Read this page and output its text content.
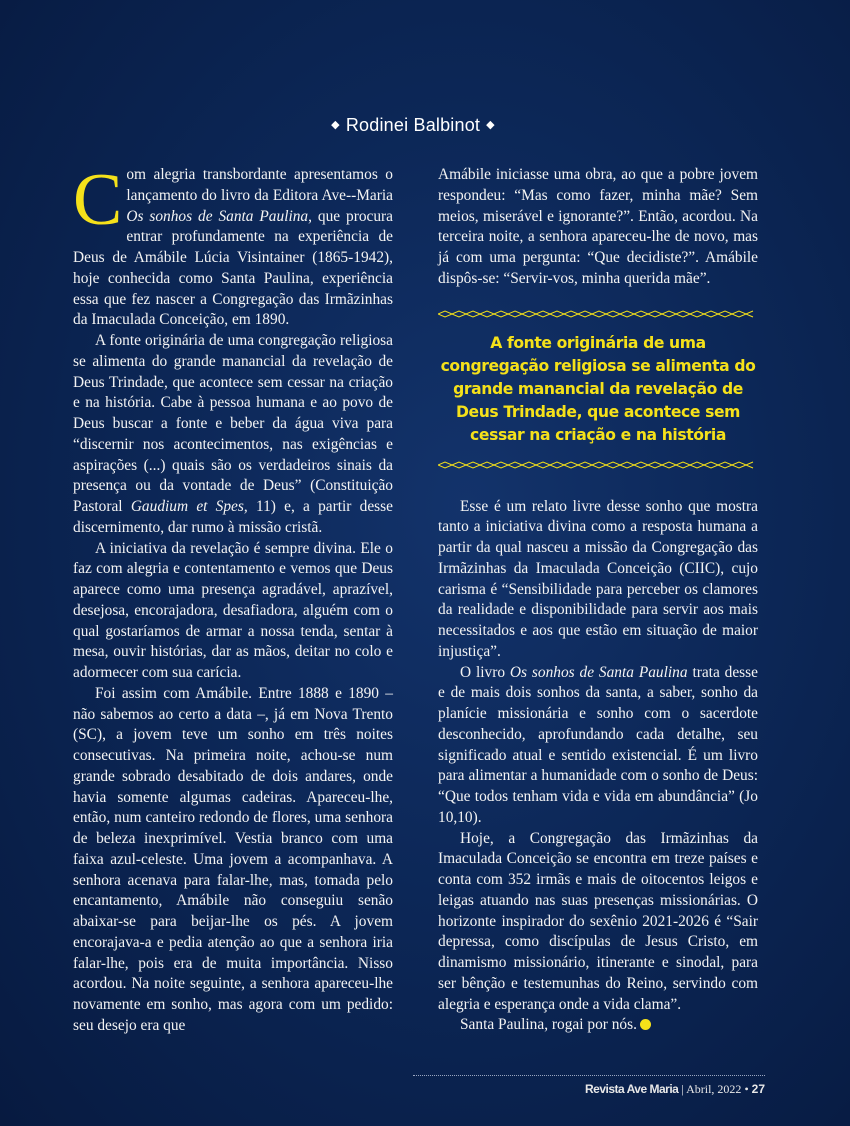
◆ Rodinei Balbinot ◆

Com alegria transbordante apresentamos o lançamento do livro da Editora Ave--Maria Os sonhos de Santa Paulina, que procura entrar profundamente na experiência de Deus de Amábile Lúcia Visintainer (1865-1942), hoje conhecida como Santa Paulina, experiência essa que fez nascer a Congregação das Irmãzinhas da Imaculada Conceição, em 1890.

A fonte originária de uma congregação religiosa se alimenta do grande manancial da revelação de Deus Trindade, que acontece sem cessar na criação e na história. Cabe à pessoa humana e ao povo de Deus buscar a fonte e beber da água viva para “discernir nos acontecimentos, nas exigências e aspirações (...) quais são os verdadeiros sinais da presença ou da vontade de Deus” (Constituição Pastoral Gaudium et Spes, 11) e, a partir desse discernimento, dar rumo à missão cristã.

A iniciativa da revelação é sempre divina. Ele o faz com alegria e contentamento e vemos que Deus aparece como uma presença agradável, aprazível, desejosa, encorajadora, desafiadora, alguém com o qual gostaríamos de armar a nossa tenda, sentar à mesa, ouvir histórias, dar as mãos, deitar no colo e adormecer com sua carícia.

Foi assim com Amábile. Entre 1888 e 1890 – não sabemos ao certo a data –, já em Nova Trento (SC), a jovem teve um sonho em três noites consecutivas. Na primeira noite, achou-se num grande sobrado desabitado de dois andares, onde havia somente algumas cadeiras. Apareceu-lhe, então, num canteiro redondo de flores, uma senhora de beleza inexprimível. Vestia branco com uma faixa azul-celeste. Uma jovem a acompanhava. A senhora acenava para falar-lhe, mas, tomada pelo encantamento, Amábile não conseguiu senão abaixar-se para beijar-lhe os pés. A jovem encorajava-a e pedia atenção ao que a senhora iria falar-lhe, pois era de muita importância. Nisso acordou. Na noite seguinte, a senhora apareceu-lhe novamente em sonho, mas agora com um pedido: seu desejo era que

Amábile iniciasse uma obra, ao que a pobre jovem respondeu: “Mas como fazer, minha mãe? Sem meios, miserável e ignorante?”. Então, acordou. Na terceira noite, a senhora apareceu-lhe de novo, mas já com uma pergunta: “Que decidiste?”. Amábile dispôs-se: “Servir-vos, minha querida mãe”.

A fonte originária de uma congregação religiosa se alimenta do grande manancial da revelação de Deus Trindade, que acontece sem cessar na criação e na história

Esse é um relato livre desse sonho que mostra tanto a iniciativa divina como a resposta humana a partir da qual nasceu a missão da Congregação das Irmãzinhas da Imaculada Conceição (CIIC), cujo carisma é “Sensibilidade para perceber os clamores da realidade e disponibilidade para servir aos mais necessitados e aos que estão em situação de maior injustiça”.

O livro Os sonhos de Santa Paulina trata desse e de mais dois sonhos da santa, a saber, sonho da planície missionária e sonho com o sacerdote desconhecido, aprofundando cada detalhe, seu significado atual e sentido existencial. É um livro para alimentar a humanidade com o sonho de Deus: “Que todos tenham vida e vida em abundância” (Jo 10,10).

Hoje, a Congregação das Irmãzinhas da Imaculada Conceição se encontra em treze países e conta com 352 irmãs e mais de oitocentos leigos e leigas atuando nas suas presenças missionárias. O horizonte inspirador do sexênio 2021-2026 é “Sair depressa, como discípulas de Jesus Cristo, em dinamismo missionário, itinerante e sinodal, para ser bênção e testemunhas do Reino, servindo com alegria e esperança onde a vida clama”.

Santa Paulina, rogai por nós.

Revista Ave Maria | Abril, 2022 • 27
